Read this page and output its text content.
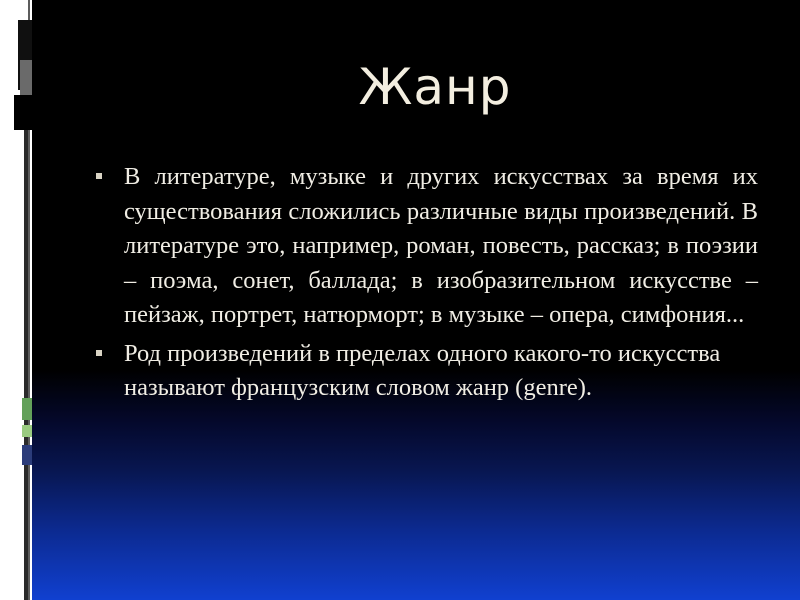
Жанр
В литературе, музыке и других искусствах за время их существования сложились различные виды произведений. В литературе это, например, роман, повесть, рассказ; в поэзии – поэма, сонет, баллада; в изобразительном искусстве – пейзаж, портрет, натюрморт; в музыке – опера, симфония...
Род произведений в пределах одного какого-то искусства называют французским словом жанр (genre).
